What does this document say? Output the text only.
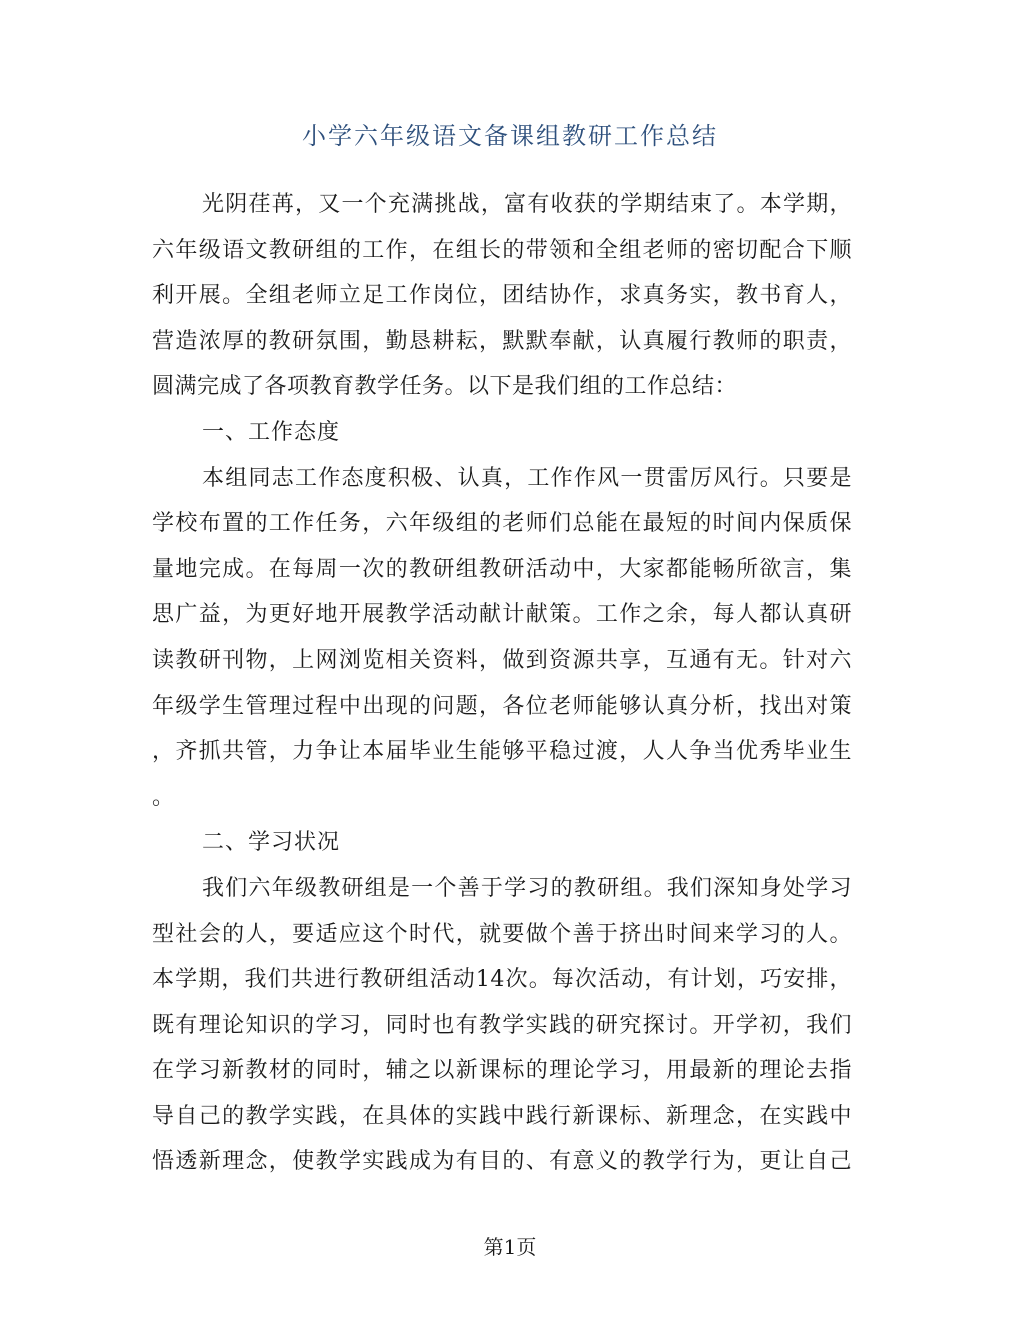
小学六年级语文备课组教研工作总结
光阴荏苒，又一个充满挑战，富有收获的学期结束了。本学期，
六年级语文教研组的工作，在组长的带领和全组老师的密切配合下顺
利开展。全组老师立足工作岗位，团结协作，求真务实，教书育人，
营造浓厚的教研氛围，勤恳耕耘，默默奉献，认真履行教师的职责，
圆满完成了各项教育教学任务。以下是我们组的工作总结：
一、工作态度
本组同志工作态度积极、认真，工作作风一贯雷厉风行。只要是
学校布置的工作任务，六年级组的老师们总能在最短的时间内保质保
量地完成。在每周一次的教研组教研活动中，大家都能畅所欲言，集
思广益，为更好地开展教学活动献计献策。工作之余，每人都认真研
读教研刊物，上网浏览相关资料，做到资源共享，互通有无。针对六
年级学生管理过程中出现的问题，各位老师能够认真分析，找出对策
，齐抓共管，力争让本届毕业生能够平稳过渡，人人争当优秀毕业生
。
二、学习状况
我们六年级教研组是一个善于学习的教研组。我们深知身处学习
型社会的人，要适应这个时代，就要做个善于挤出时间来学习的人。
本学期，我们共进行教研组活动14次。每次活动，有计划，巧安排，
既有理论知识的学习，同时也有教学实践的研究探讨。开学初，我们
在学习新教材的同时，辅之以新课标的理论学习，用最新的理论去指
导自己的教学实践，在具体的实践中践行新课标、新理念，在实践中
悟透新理念，使教学实践成为有目的、有意义的教学行为，更让自己
第1页
